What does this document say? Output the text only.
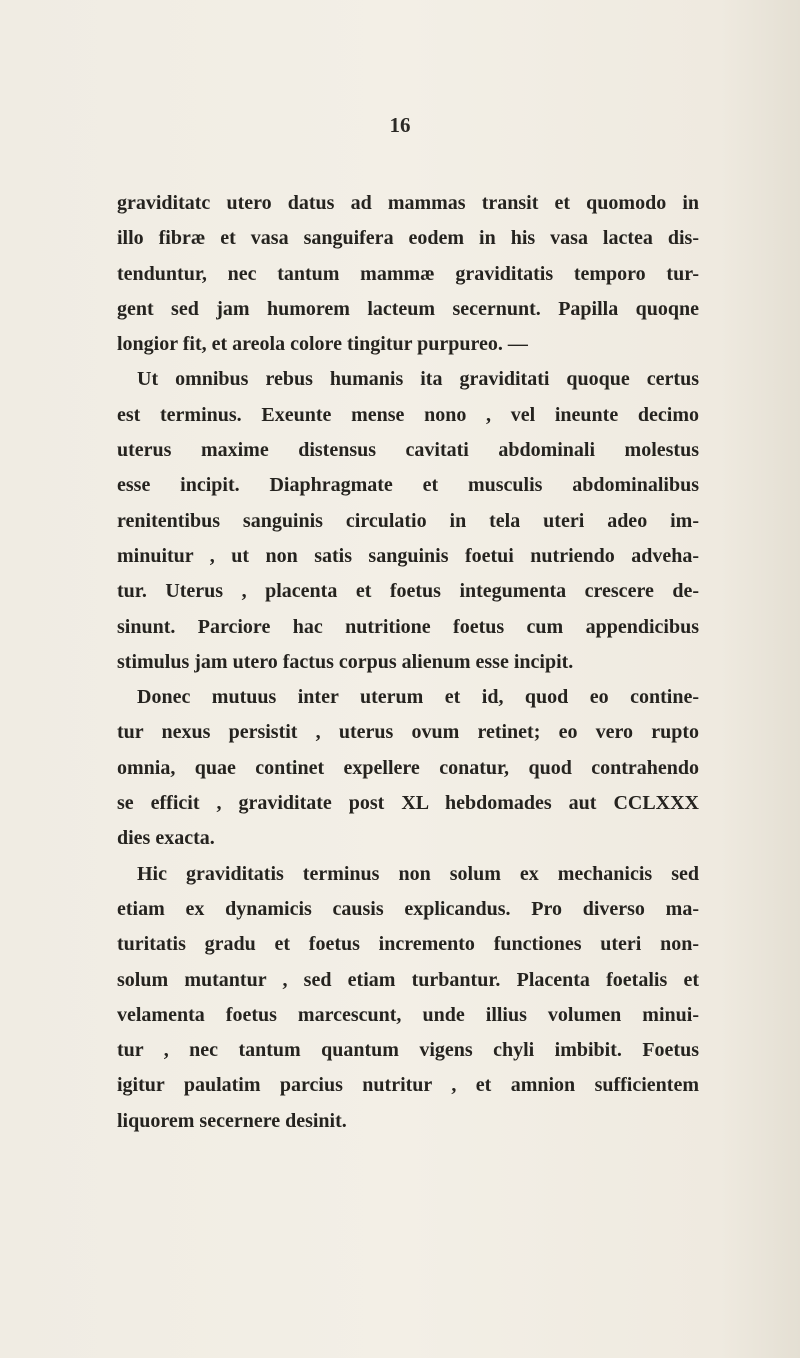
16
graviditatc utero datus ad mammas transit et quomodo in
illo fibræ et vasa sanguifera eodem in his vasa lactea dis-
tenduntur, nec tantum mammæ graviditatis temporo tur-
gent sed jam humorem lacteum secernunt. Papilla quoqne
longior fit, et areola colore tingitur purpureo. —
Ut omnibus rebus humanis ita graviditati quoque certus
est terminus. Exeunte mense nono , vel ineunte decimo
uterus maxime distensus cavitati abdominali molestus
esse incipit. Diaphragmate et musculis abdominalibus
renitentibus sanguinis circulatio in tela uteri adeo im-
minuitur , ut non satis sanguinis foetui nutriendo adveha-
tur. Uterus , placenta et foetus integumenta crescere de-
sinunt. Parciore hac nutritione foetus cum appendicibus
stimulus jam utero factus corpus alienum esse incipit.
Donec mutuus inter uterum et id, quod eo contine-
tur nexus persistit , uterus ovum retinet; eo vero rupto
omnia, quae continet expellere conatur, quod contrahendo
se efficit , graviditate post XL hebdomades aut CCLXXX
dies exacta.
Hic graviditatis terminus non solum ex mechanicis sed
etiam ex dynamicis causis explicandus. Pro diverso ma-
turitatis gradu et foetus incremento functiones uteri non-
solum mutantur , sed etiam turbantur. Placenta foetalis et
velamenta foetus marcescunt, unde illius volumen minui-
tur , nec tantum quantum vigens chyli imbibit. Foetus
igitur paulatim parcius nutritur , et amnion sufficientem
liquorem secernere desinit.
